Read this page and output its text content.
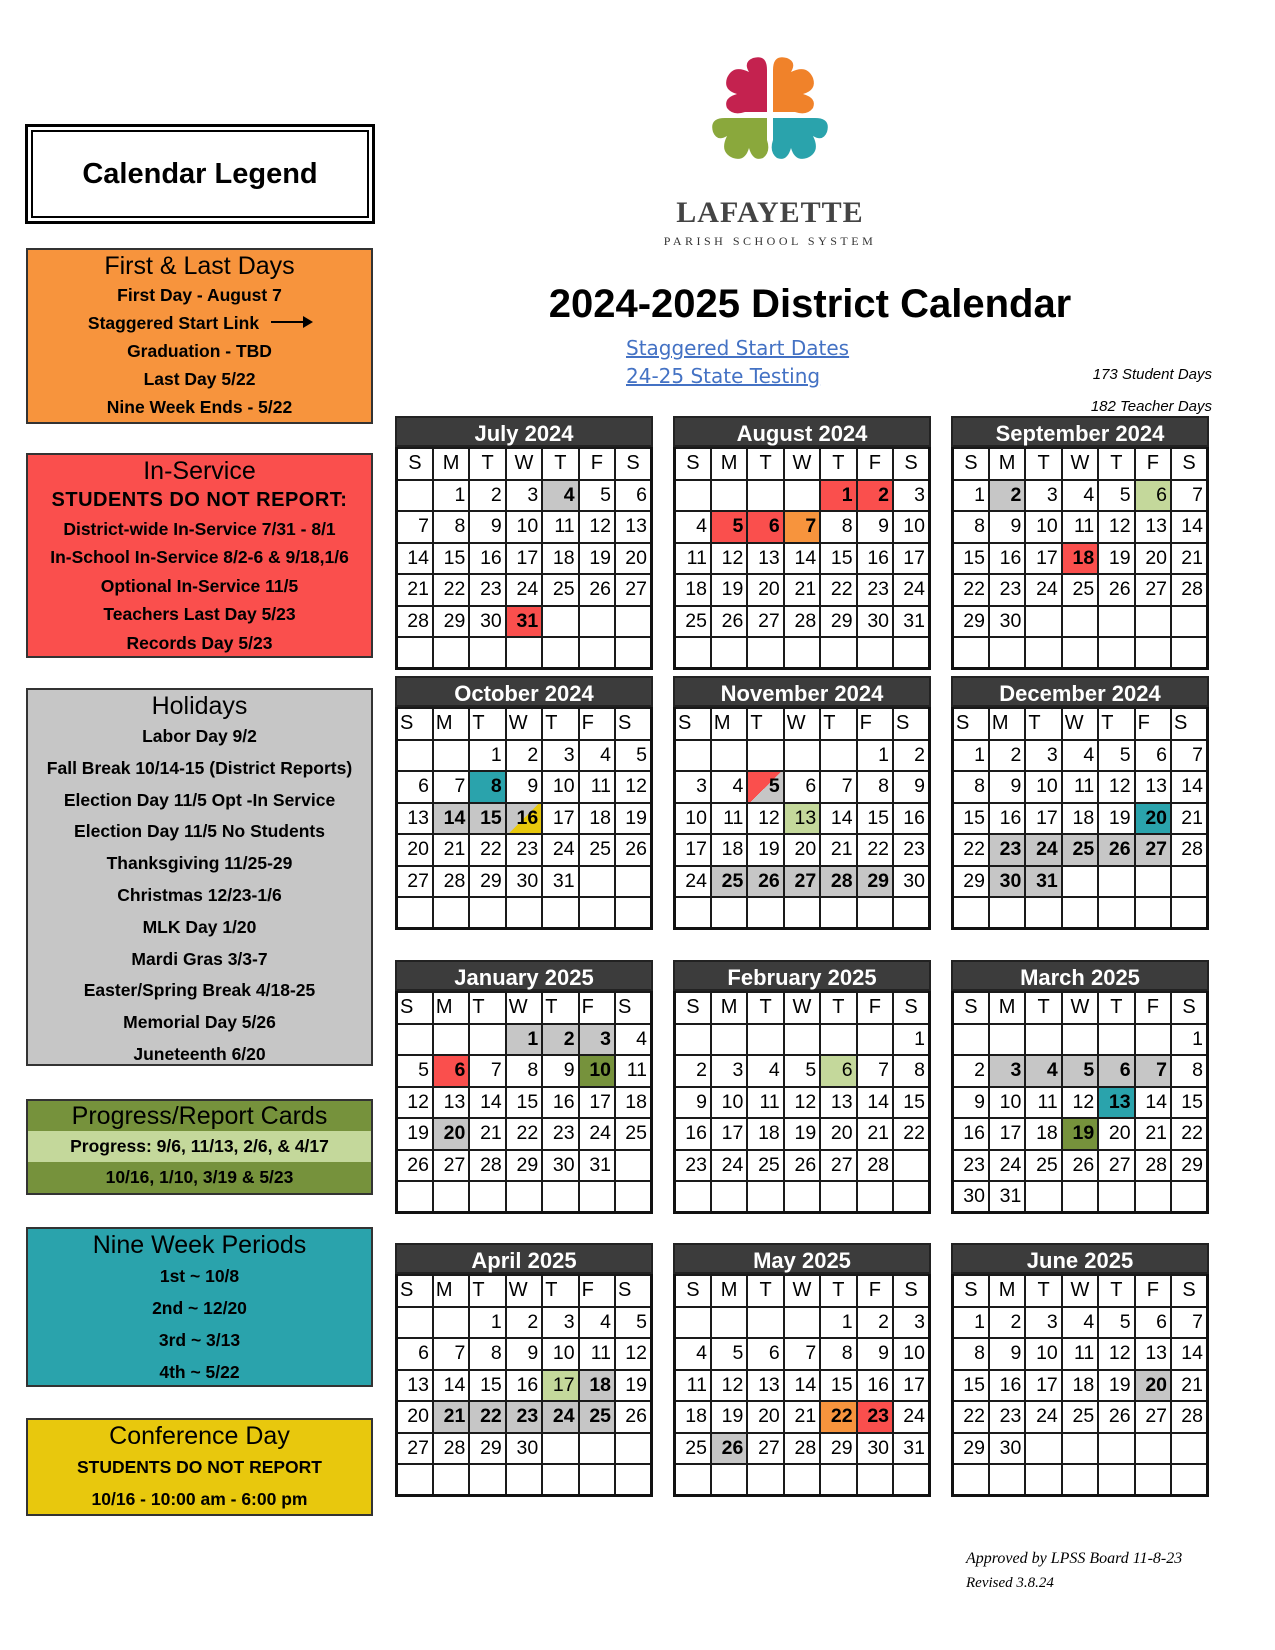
Calendar Legend
First & Last Days
First Day - August 7
Staggered Start Link
Graduation - TBD
Last Day 5/22
Nine Week Ends - 5/22
In-Service
STUDENTS DO NOT REPORT:
District-wide In-Service 7/31 - 8/1
In-School In-Service 8/2-6 & 9/18,1/6
Optional In-Service 11/5
Teachers Last Day 5/23
Records Day 5/23
Holidays
Labor Day 9/2
Fall Break 10/14-15 (District Reports)
Election Day 11/5 Opt -In Service
Election Day 11/5 No Students
Thanksgiving 11/25-29
Christmas 12/23-1/6
MLK Day 1/20
Mardi Gras 3/3-7
Easter/Spring Break 4/18-25
Memorial Day 5/26
Juneteenth 6/20
Progress/Report Cards
Progress: 9/6, 11/13, 2/6, & 4/17
10/16, 1/10, 3/19 & 5/23
Nine Week Periods
1st ~ 10/8
2nd ~ 12/20
3rd ~ 3/13
4th ~ 5/22
Conference Day
STUDENTS DO NOT REPORT
10/16 - 10:00 am - 6:00 pm
LAFAYETTE
PARISH SCHOOL SYSTEM
2024-2025 District Calendar
Staggered Start Dates
24-25 State Testing	173 Student Days
182 Teacher Days
July 2024
S	M	T	W	T	F	S
	1	2	3	4	5	6
7	8	9	10	11	12	13
14	15	16	17	18	19	20
21	22	23	24	25	26	27
28	29	30	31			

August 2024
S	M	T	W	T	F	S
				1	2	3
4	5	6	7	8	9	10
11	12	13	14	15	16	17
18	19	20	21	22	23	24
25	26	27	28	29	30	31

September 2024
S	M	T	W	T	F	S
1	2	3	4	5	6	7
8	9	10	11	12	13	14
15	16	17	18	19	20	21
22	23	24	25	26	27	28
29	30					

October 2024
S	M	T	W	T	F	S
		1	2	3	4	5
6	7	8	9	10	11	12
13	14	15	16	17	18	19
20	21	22	23	24	25	26
27	28	29	30	31		

November 2024
S	M	T	W	T	F	S
					1	2
3	4	5	6	7	8	9
10	11	12	13	14	15	16
17	18	19	20	21	22	23
24	25	26	27	28	29	30

December 2024
S	M	T	W	T	F	S
1	2	3	4	5	6	7
8	9	10	11	12	13	14
15	16	17	18	19	20	21
22	23	24	25	26	27	28
29	30	31				

January 2025
S	M	T	W	T	F	S
			1	2	3	4
5	6	7	8	9	10	11
12	13	14	15	16	17	18
19	20	21	22	23	24	25
26	27	28	29	30	31	

February 2025
S	M	T	W	T	F	S
						1
2	3	4	5	6	7	8
9	10	11	12	13	14	15
16	17	18	19	20	21	22
23	24	25	26	27	28	

March 2025
S	M	T	W	T	F	S
						1
2	3	4	5	6	7	8
9	10	11	12	13	14	15
16	17	18	19	20	21	22
23	24	25	26	27	28	29
30	31					
April 2025
S	M	T	W	T	F	S
		1	2	3	4	5
6	7	8	9	10	11	12
13	14	15	16	17	18	19
20	21	22	23	24	25	26
27	28	29	30			

May 2025
S	M	T	W	T	F	S
				1	2	3
4	5	6	7	8	9	10
11	12	13	14	15	16	17
18	19	20	21	22	23	24
25	26	27	28	29	30	31

June 2025
S	M	T	W	T	F	S
1	2	3	4	5	6	7
8	9	10	11	12	13	14
15	16	17	18	19	20	21
22	23	24	25	26	27	28
29	30					

Approved by LPSS Board 11-8-23
Revised 3.8.24
